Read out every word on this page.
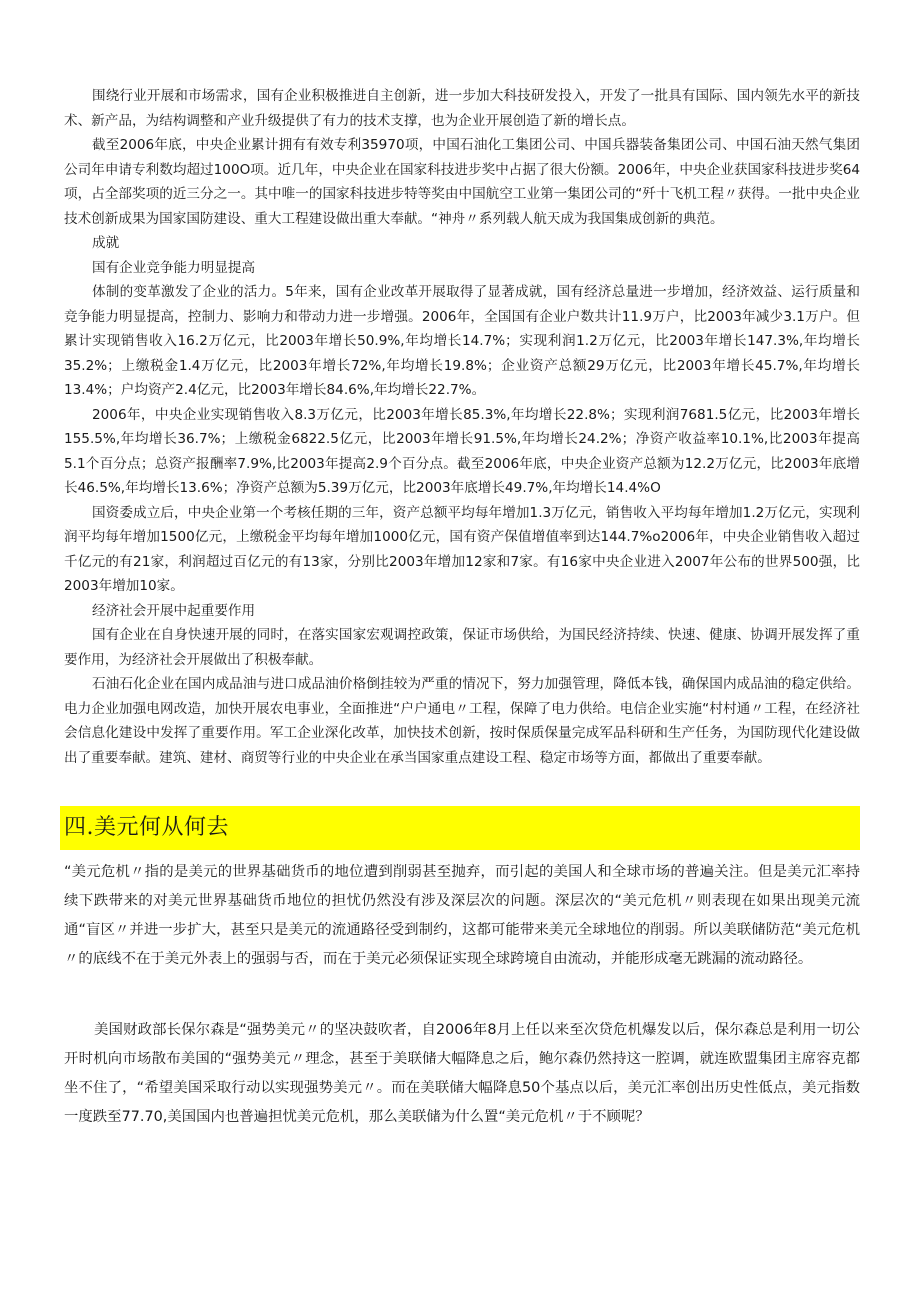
围绕行业开展和市场需求，国有企业积极推进自主创新，进一步加大科技研发投入，开发了一批具有国际、国内领先水平的新技术、新产品，为结构调整和产业升级提供了有力的技术支撑，也为企业开展创造了新的增长点。

截至2006年底，中央企业累计拥有有效专利35970项，中国石油化工集团公司、中国兵器装备集团公司、中国石油天然气集团公司年申请专利数均超过100O项。近几年，中央企业在国家科技进步奖中占据了很大份额。2006年，中央企业获国家科技进步奖64项，占全部奖项的近三分之一。其中唯一的国家科技进步特等奖由中国航空工业第一集团公司的“歼十飞机工程〃获得。一批中央企业技术创新成果为国家国防建设、重大工程建设做出重大奉献。“神舟〃系列载人航天成为我国集成创新的典范。

成就

国有企业竞争能力明显提高

体制的变革激发了企业的活力。5年来，国有企业改革开展取得了显著成就，国有经济总量进一步增加，经济效益、运行质量和竞争能力明显提高，控制力、影响力和带动力进一步增强。2006年，全国国有企业户数共计11.9万户，比2003年减少3.1万户。但累计实现销售收入16.2万亿元，比2003年增长50.9%,年均增长14.7%；实现利润1.2万亿元，比2003年增长147.3%,年均增长35.2%；上缴税金1.4万亿元，比2003年增长72%,年均增长19.8%；企业资产总额29万亿元，比2003年增长45.7%,年均增长13.4%；户均资产2.4亿元，比2003年增长84.6%,年均增长22.7%。

2006年，中央企业实现销售收入8.3万亿元，比2003年增长85.3%,年均增长22.8%；实现利润7681.5亿元，比2003年增长155.5%,年均增长36.7%；上缴税金6822.5亿元，比2003年增长91.5%,年均增长24.2%；净资产收益率10.1%,比2003年提高5.1个百分点；总资产报酬率7.9%,比2003年提高2.9个百分点。截至2006年底，中央企业资产总额为12.2万亿元，比2003年底增长46.5%,年均增长13.6%；净资产总额为5.39万亿元，比2003年底增长49.7%,年均增长14.4%O

国资委成立后，中央企业第一个考核任期的三年，资产总额平均每年增加1.3万亿元，销售收入平均每年增加1.2万亿元，实现利润平均每年增加1500亿元，上缴税金平均每年增加1000亿元，国有资产保值增值率到达144.7%o2006年，中央企业销售收入超过千亿元的有21家，利润超过百亿元的有13家，分别比2003年增加12家和7家。有16家中央企业进入2007年公布的世界500强，比2003年增加10家。

经济社会开展中起重要作用

国有企业在自身快速开展的同时，在落实国家宏观调控政策，保证市场供给，为国民经济持续、快速、健康、协调开展发挥了重要作用，为经济社会开展做出了积极奉献。

石油石化企业在国内成品油与进口成品油价格倒挂较为严重的情况下，努力加强管理，降低本钱，确保国内成品油的稳定供给。电力企业加强电网改造，加快开展农电事业，全面推进“户户通电〃工程，保障了电力供给。电信企业实施“村村通〃工程，在经济社会信息化建设中发挥了重要作用。军工企业深化改革，加快技术创新，按时保质保量完成军品科研和生产任务，为国防现代化建设做出了重要奉献。建筑、建材、商贸等行业的中央企业在承当国家重点建设工程、稳定市场等方面，都做出了重要奉献。

四.美元何从何去

“美元危机〃指的是美元的世界基础货币的地位遭到削弱甚至抛弃，而引起的美国人和全球市场的普遍关注。但是美元汇率持续下跌带来的对美元世界基础货币地位的担忧仍然没有涉及深层次的问题。深层次的“美元危机〃则表现在如果出现美元流通“盲区〃并进一步扩大，甚至只是美元的流通路径受到制约，这都可能带来美元全球地位的削弱。所以美联储防范“美元危机〃的底线不在于美元外表上的强弱与否，而在于美元必须保证实现全球跨境自由流动，并能形成毫无跳漏的流动路径。

美国财政部长保尔森是“强势美元〃的坚决鼓吹者，自2006年8月上任以来至次贷危机爆发以后，保尔森总是利用一切公开时机向市场散布美国的“强势美元〃理念，甚至于美联储大幅降息之后，鲍尔森仍然持这一腔调，就连欧盟集团主席容克都坐不住了，“希望美国采取行动以实现强势美元〃。而在美联储大幅降息50个基点以后，美元汇率创出历史性低点，美元指数一度跌至77.70,美国国内也普遍担忧美元危机，那么美联储为什么置“美元危机〃于不顾呢？
